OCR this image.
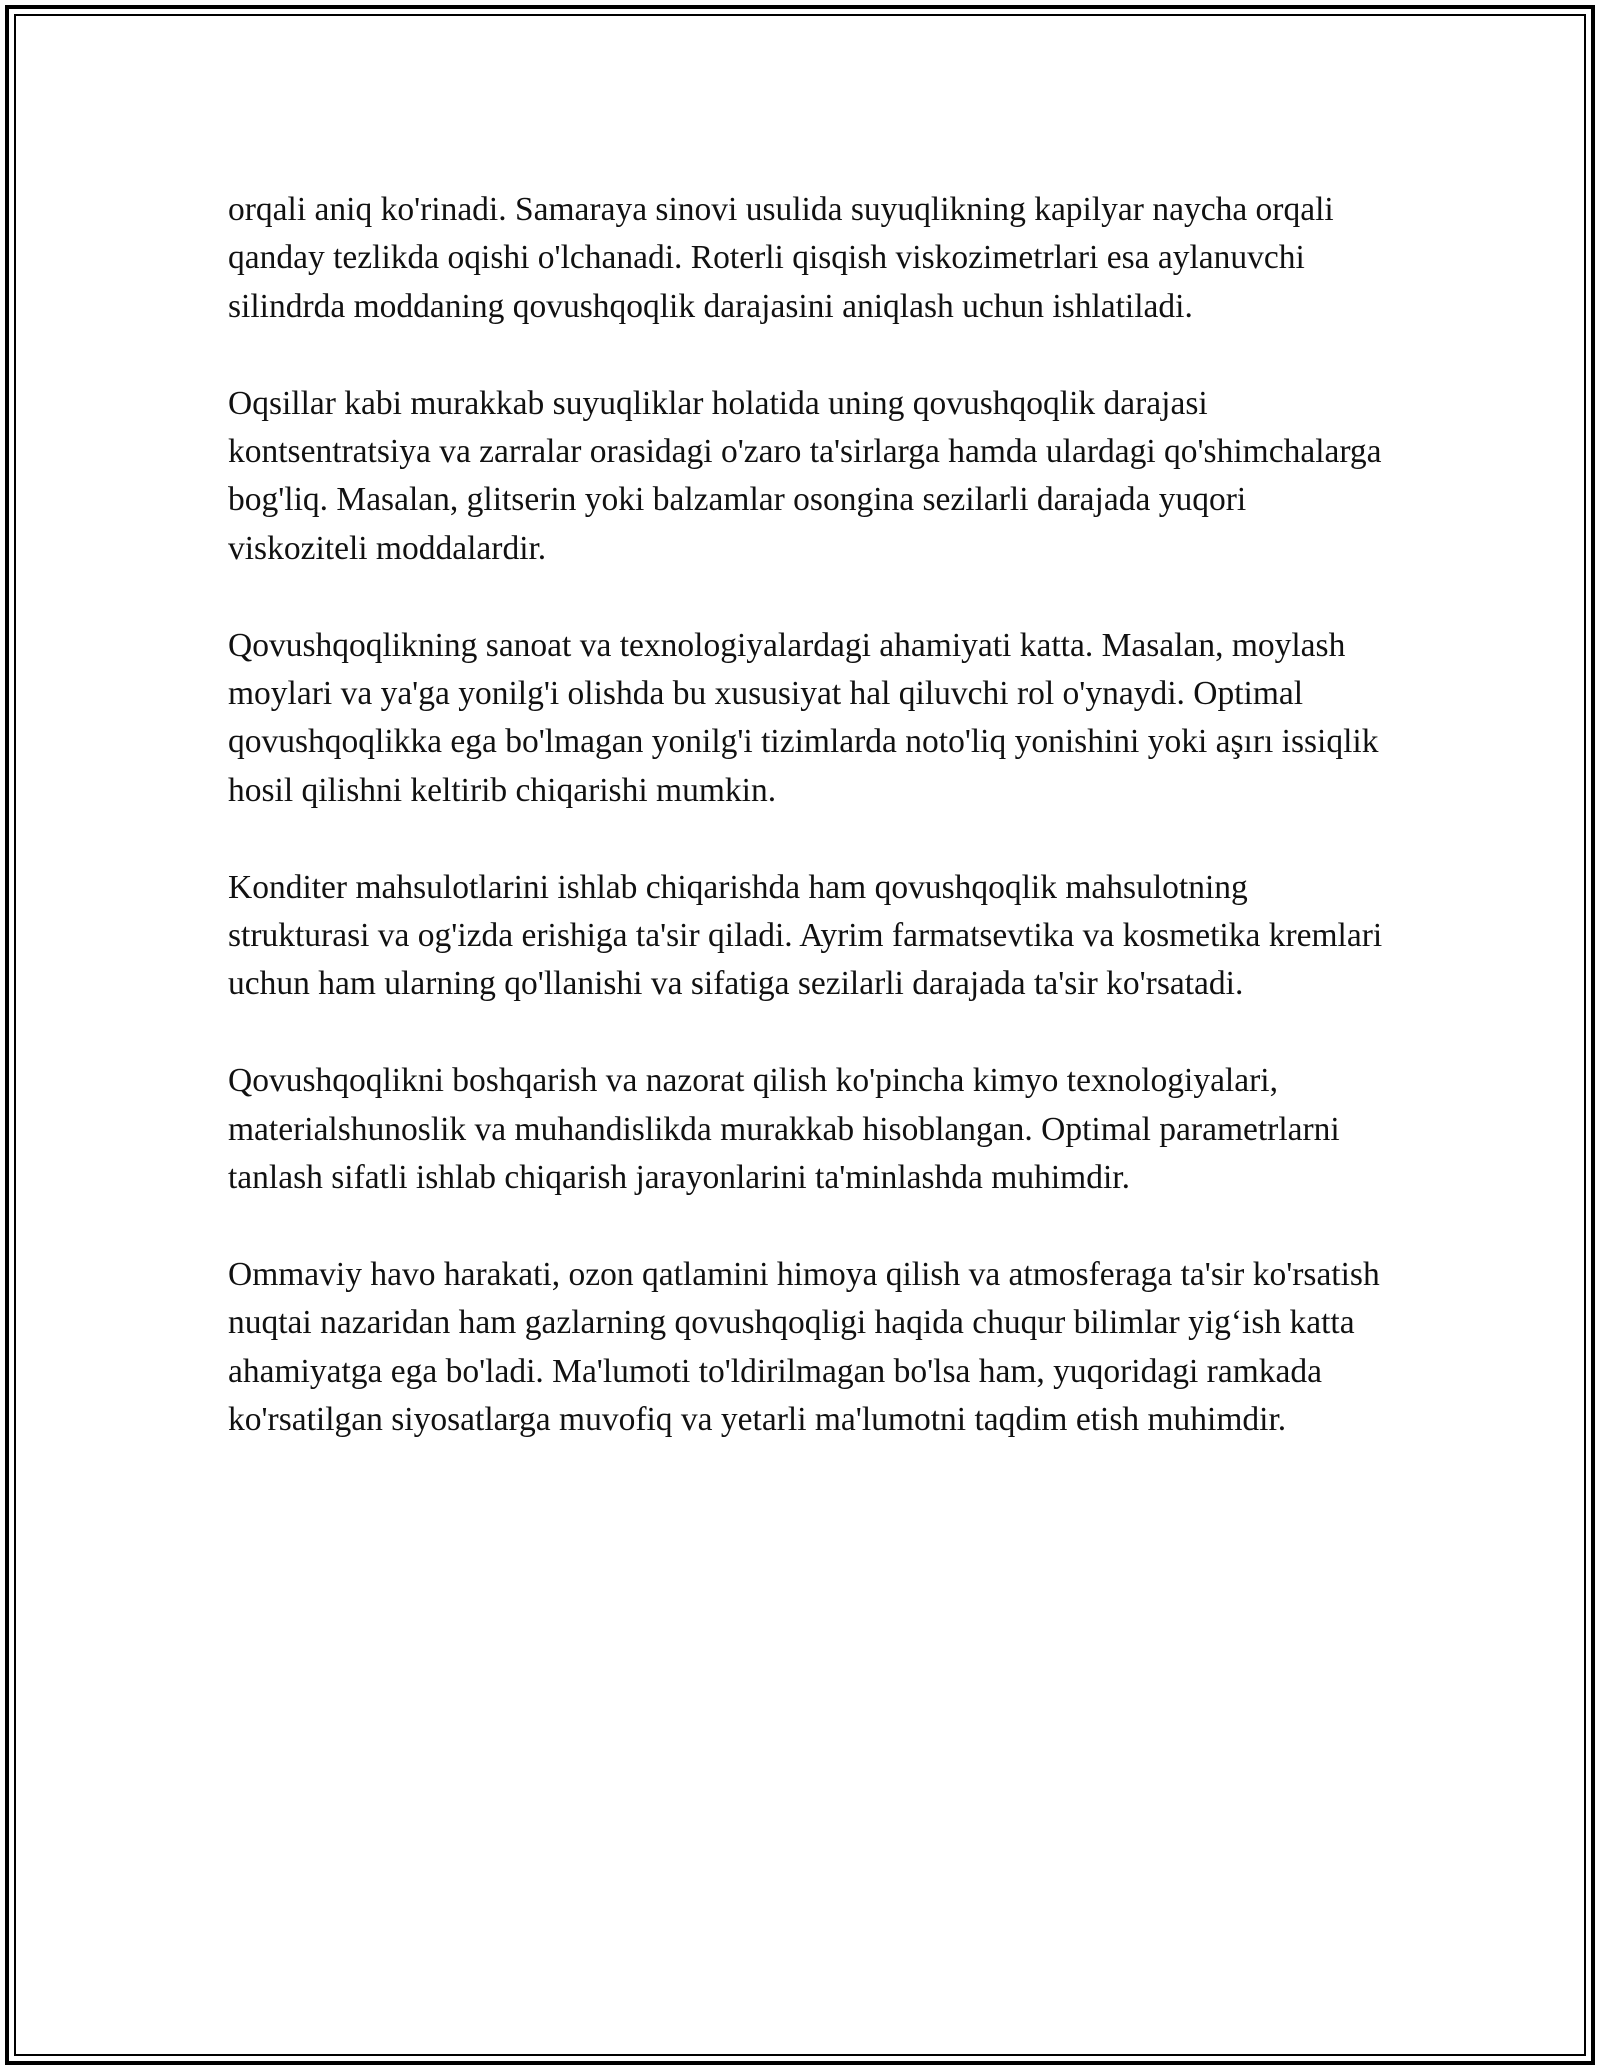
orqali aniq ko'rinadi. Samaraya sinovi usulida suyuqlikning kapilyar naycha orqali qanday tezlikda oqishi o'lchanadi. Roterli qisqish viskozimetrlari esa aylanuvchi silindrda moddaning qovushqoqlik darajasini aniqlash uchun ishlatiladi.

Oqsillar kabi murakkab suyuqliklar holatida uning qovushqoqlik darajasi kontsentratsiya va zarralar orasidagi o'zaro ta'sirlarga hamda ulardagi qo'shimchalarga bog'liq. Masalan, glitserin yoki balzamlar osongina sezilarli darajada yuqori viskoziteli moddalardir.

Qovushqoqlikning sanoat va texnologiyalardagi ahamiyati katta. Masalan, moylash moylari va ya'ga yonilg'i olishda bu xususiyat hal qiluvchi rol o'ynaydi. Optimal qovushqoqlikka ega bo'lmagan yonilg'i tizimlarda noto'liq yonishini yoki aşırı issiqlik hosil qilishni keltirib chiqarishi mumkin.

Konditer mahsulotlarini ishlab chiqarishda ham qovushqoqlik mahsulotning strukturasi va og'izda erishiga ta'sir qiladi. Ayrim farmatsevtika va kosmetika kremlari uchun ham ularning qo'llanishi va sifatiga sezilarli darajada ta'sir ko'rsatadi.

Qovushqoqlikni boshqarish va nazorat qilish ko'pincha kimyo texnologiyalari, materialshunoslik va muhandislikda murakkab hisoblangan. Optimal parametrlarni tanlash sifatli ishlab chiqarish jarayonlarini ta'minlashda muhimdir.

Ommaviy havo harakati, ozon qatlamini himoya qilish va atmosferaga ta'sir ko'rsatish nuqtai nazaridan ham gazlarning qovushqoqligi haqida chuqur bilimlar yig‘ish katta ahamiyatga ega bo'ladi. Ma'lumoti to'ldirilmagan bo'lsa ham, yuqoridagi ramkada ko'rsatilgan siyosatlarga muvofiq va yetarli ma'lumotni taqdim etish muhimdir.
